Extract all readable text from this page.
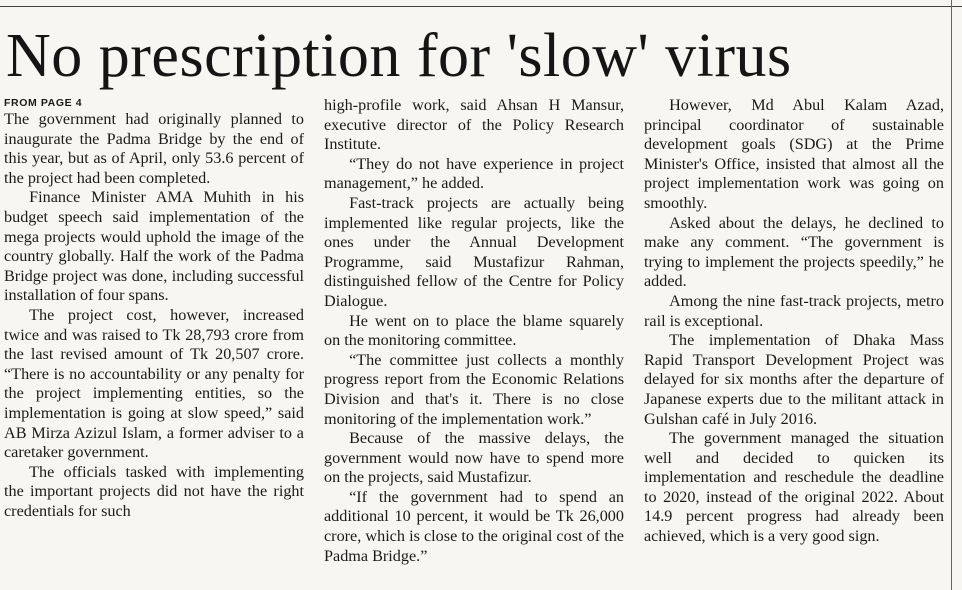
No prescription for 'slow' virus
FROM PAGE 4

The government had originally planned to inaugurate the Padma Bridge by the end of this year, but as of April, only 53.6 percent of the project had been completed.

Finance Minister AMA Muhith in his budget speech said implementation of the mega projects would uphold the image of the country globally. Half the work of the Padma Bridge project was done, including successful installation of four spans.

The project cost, however, increased twice and was raised to Tk 28,793 crore from the last revised amount of Tk 20,507 crore. “There is no accountability or any penalty for the project implementing entities, so the implementation is going at slow speed,” said AB Mirza Azizul Islam, a former adviser to a caretaker government.

The officials tasked with implementing the important projects did not have the right credentials for such

high-profile work, said Ahsan H Mansur, executive director of the Policy Research Institute.

“They do not have experience in project management,” he added.

Fast-track projects are actually being implemented like regular projects, like the ones under the Annual Development Programme, said Mustafizur Rahman, distinguished fellow of the Centre for Policy Dialogue.

He went on to place the blame squarely on the monitoring committee.

“The committee just collects a monthly progress report from the Economic Relations Division and that's it. There is no close monitoring of the implementation work.”

Because of the massive delays, the government would now have to spend more on the projects, said Mustafizur.

“If the government had to spend an additional 10 percent, it would be Tk 26,000 crore, which is close to the original cost of the Padma Bridge.”

However, Md Abul Kalam Azad, principal coordinator of sustainable development goals (SDG) at the Prime Minister's Office, insisted that almost all the project implementation work was going on smoothly.

Asked about the delays, he declined to make any comment. “The government is trying to implement the projects speedily,” he added.

Among the nine fast-track projects, metro rail is exceptional.

The implementation of Dhaka Mass Rapid Transport Development Project was delayed for six months after the departure of Japanese experts due to the militant attack in Gulshan café in July 2016.

The government managed the situation well and decided to quicken its implementation and reschedule the deadline to 2020, instead of the original 2022. About 14.9 percent progress had already been achieved, which is a very good sign.
